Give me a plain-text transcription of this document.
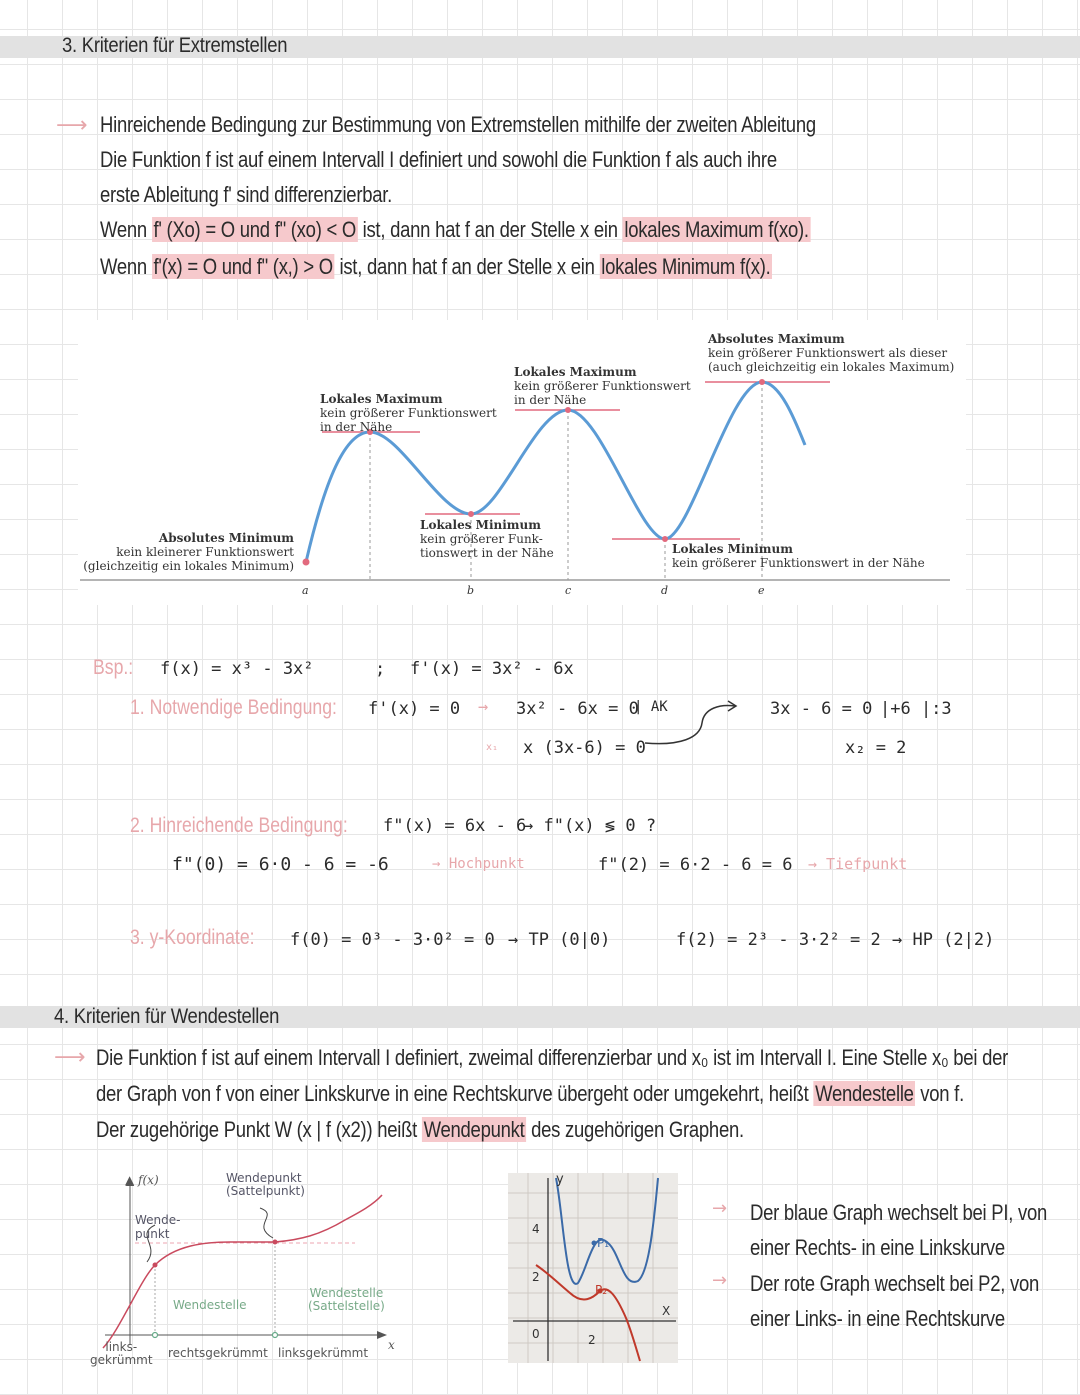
3. Kriterien für Extremstellen
⟶ Hinreichende Bedingung zur Bestimmung von Extremstellen mithilfe der zweiten Ableitung
Die Funktion f ist auf einem Intervall I definiert und sowohl die Funktion f als auch ihre
erste Ableitung f' sind differenzierbar.
Wenn f' (Xo) = O und f" (xo) < O ist, dann hat f an der Stelle x ein lokales Maximum f(xo).
Wenn f'(x) = O und f" (x,) > O ist, dann hat f an der Stelle x ein lokales Minimum f(x).
Absolutes Minimum
kein kleinerer Funktionswert
(gleichzeitig ein lokales Minimum)
Lokales Maximum
kein größerer Funktionswert
in der Nähe
Lokales Minimum
kein größerer Funk-
tionswert in der Nähe
Lokales Maximum
kein größerer Funktionswert
in der Nähe
Absolutes Maximum
kein größerer Funktionswert als dieser
(auch gleichzeitig ein lokales Maximum)
Lokales Minimum
kein größerer Funktionswert in der Nähe
a	b	c	d	e
Bsp.: f(x) = x³ - 3x²	; f'(x) = 3x² - 6x
1. Notwendige Bedingung: f'(x) = 0 → 3x² - 6x = 0
| AK
x₁ x (3x-6) = 0
3x - 6 = 0 |+6 |:3
x₂ = 2
2. Hinreichende Bedingung: f"(x) = 6x - 6
→ f"(x) ≶ 0 ?
f"(0) = 6·0 - 6 = -6	→ Hochpunkt	f"(2) = 6·2 - 6 = 6 → Tiefpunkt
3. y-Koordinate: f(0) = 0³ - 3·0² = 0 → TP (0|0)	f(2) = 2³ - 3·2² = 2 → HP (2|2)
4. Kriterien für Wendestellen
⟶ Die Funktion f ist auf einem Intervall I definiert, zweimal differenzierbar und x₀ ist im Intervall I. Eine Stelle x₀ bei der
der Graph von f von einer Linkskurve in eine Rechtskurve übergeht oder umgekehrt, heißt Wendestelle von f.
Der zugehörige Punkt W (x | f (x2)) heißt Wendepunkt des zugehörigen Graphen.
▲ f(x)
x
Wendepunkt
(Sattelpunkt)
Wende-
punkt
Wendestelle
Wendestelle
(Sattelstelle)
links-
gekrümmt rechtsgekrümmt linksgekrümmt
y
X
4
2
0	2
P₁
P₂
→ Der blaue Graph wechselt bei PI, von
einer Rechts- in eine Linkskurve
→ Der rote Graph wechselt bei P2, von
einer Links- in eine Rechtskurve
